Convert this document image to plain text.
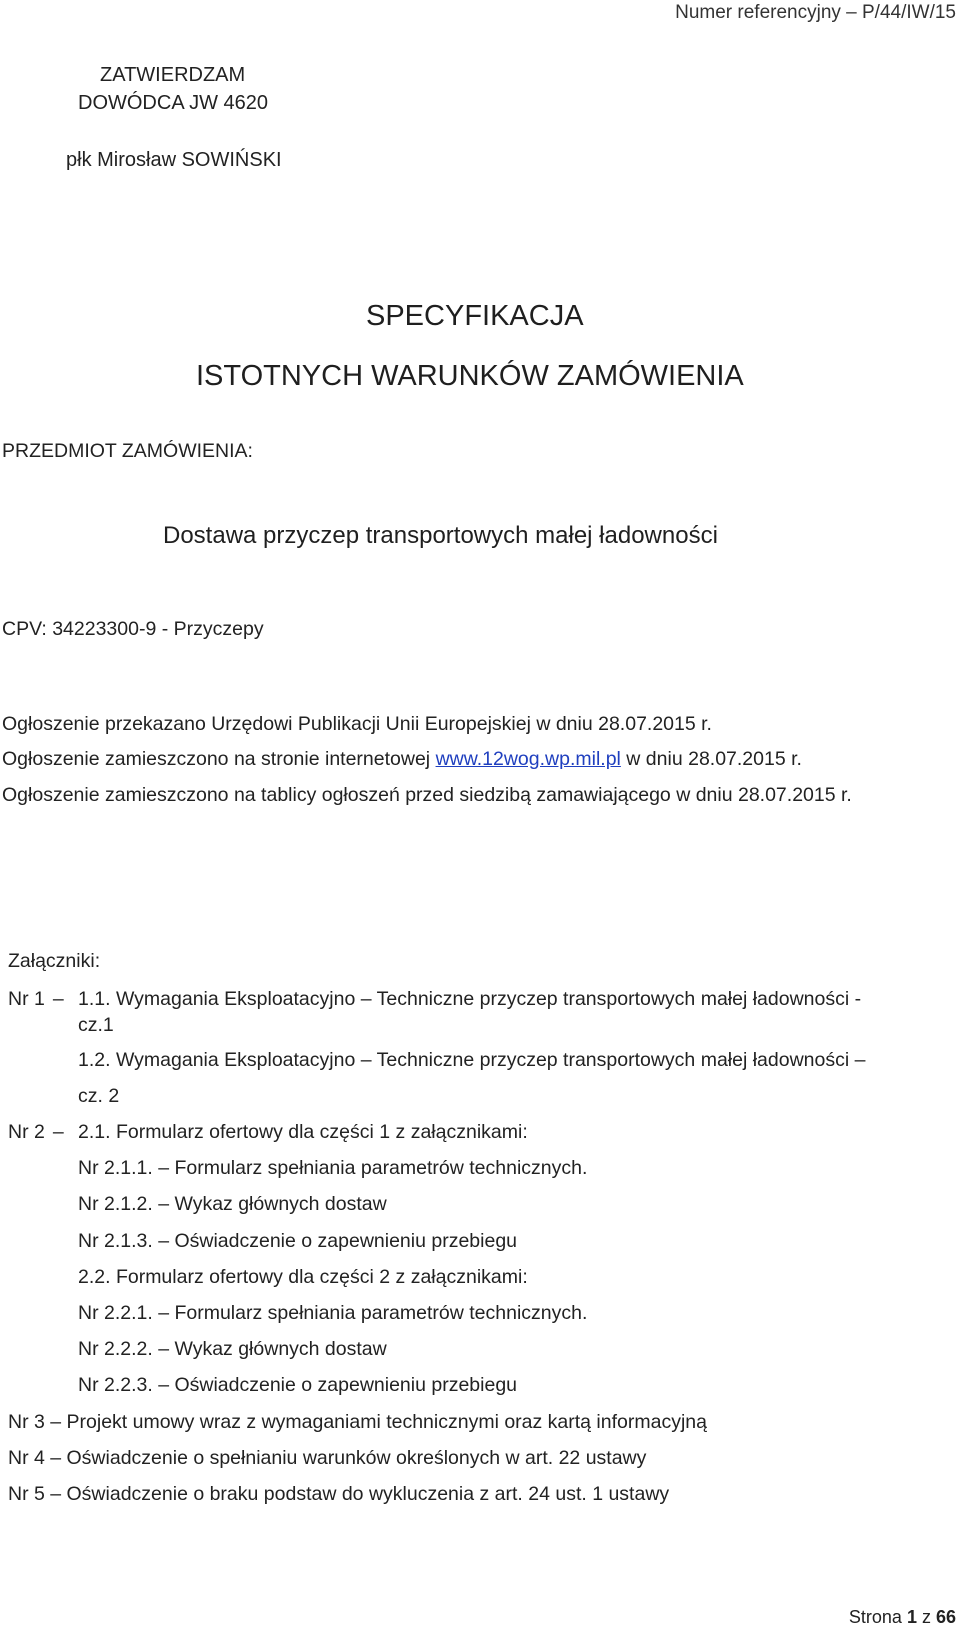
Numer referencyjny – P/44/IW/15
ZATWIERDZAM
DOWÓDCA JW 4620
płk Mirosław SOWIŃSKI
SPECYFIKACJA
ISTOTNYCH WARUNKÓW ZAMÓWIENIA
PRZEDMIOT ZAMÓWIENIA:
Dostawa przyczep transportowych małej ładowności
CPV: 34223300-9 - Przyczepy
Ogłoszenie przekazano Urzędowi Publikacji Unii Europejskiej w dniu 28.07.2015 r.
Ogłoszenie zamieszczono na stronie internetowej www.12wog.wp.mil.pl w dniu 28.07.2015 r.
Ogłoszenie zamieszczono na tablicy ogłoszeń przed siedzibą zamawiającego w dniu 28.07.2015 r.
Załączniki:
Nr 1 – 1.1. Wymagania Eksploatacyjno – Techniczne przyczep transportowych małej ładowności -
cz.1
1.2. Wymagania Eksploatacyjno – Techniczne przyczep transportowych małej ładowności –
cz. 2
Nr 2 – 2.1. Formularz ofertowy dla części 1 z załącznikami:
Nr 2.1.1. – Formularz spełniania parametrów technicznych.
Nr 2.1.2. – Wykaz głównych dostaw
Nr 2.1.3. – Oświadczenie o zapewnieniu przebiegu
2.2. Formularz ofertowy dla części 2 z załącznikami:
Nr 2.2.1. – Formularz spełniania parametrów technicznych.
Nr 2.2.2. – Wykaz głównych dostaw
Nr 2.2.3. – Oświadczenie o zapewnieniu przebiegu
Nr 3 – Projekt umowy wraz z wymaganiami technicznymi oraz kartą informacyjną
Nr 4 – Oświadczenie o spełnianiu warunków określonych w art. 22 ustawy
Nr 5 – Oświadczenie o braku podstaw do wykluczenia z art. 24 ust. 1 ustawy
Strona 1 z 66
